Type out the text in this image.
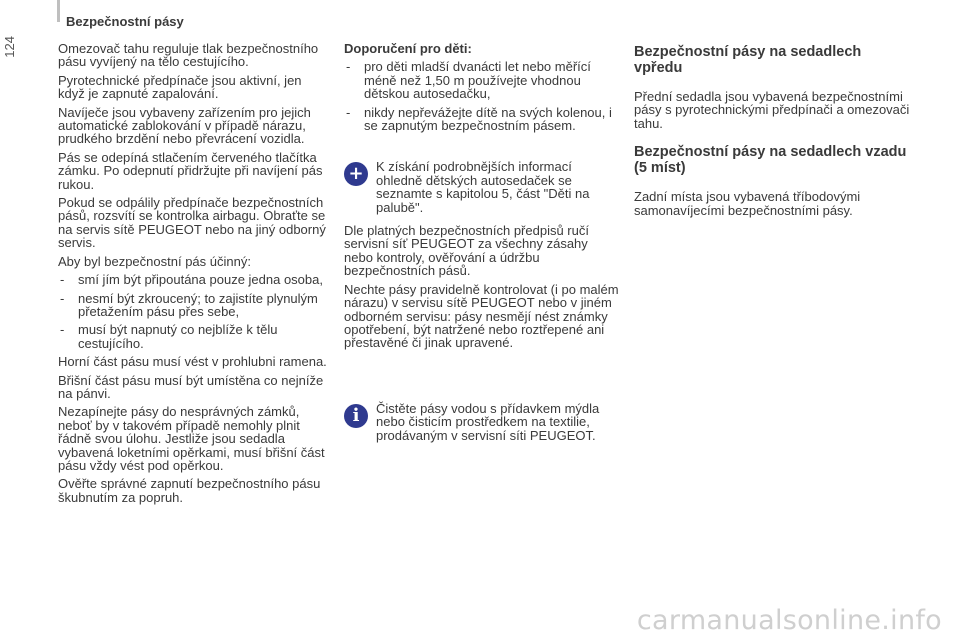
124
Bezpečnostní pásy

Omezovač tahu reguluje tlak bezpečnostního pásu vyvíjený na tělo cestujícího.

Pyrotechnické předpínače jsou aktivní, jen když je zapnuté zapalování.

Navíječe jsou vybaveny zařízením pro jejich automatické zablokování v případě nárazu, prudkého brzdění nebo převrácení vozidla.

Pás se odepíná stlačením červeného tlačítka zámku. Po odepnutí přidržujte při navíjení pás rukou.

Pokud se odpálily předpínače bezpečnostních pásů, rozsvítí se kontrolka airbagu. Obraťte se na servis sítě PEUGEOT nebo na jiný odborný servis.

Aby byl bezpečnostní pás účinný:

- smí jím být připoutána pouze jedna osoba,
- nesmí být zkroucený; to zajistíte plynulým přetažením pásu přes sebe,
- musí být napnutý co nejblíže k tělu cestujícího.

Horní část pásu musí vést v prohlubni ramena.

Břišní část pásu musí být umístěna co nejníže na pánvi.

Nezapínejte pásy do nesprávných zámků, neboť by v takovém případě nemohly plnit řádně svou úlohu. Jestliže jsou sedadla vybavená loketními opěrkami, musí břišní část pásu vždy vést pod opěrkou.

Ověřte správné zapnutí bezpečnostního pásu škubnutím za popruh.

Doporučení pro děti:

- pro děti mladší dvanácti let nebo měřící méně než 1,50 m používejte vhodnou dětskou autosedačku,
- nikdy nepřevážejte dítě na svých kolenou, i se zapnutým bezpečnostním pásem.
+ K získání podrobnějších informací ohledně dětských autosedaček se seznamte s kapitolou 5, část "Děti na palubě".

Dle platných bezpečnostních předpisů ručí servisní síť PEUGEOT za všechny zásahy nebo kontroly, ověřování a údržbu bezpečnostních pásů.

Nechte pásy pravidelně kontrolovat (i po malém nárazu) v servisu sítě PEUGEOT nebo v jiném odborném servisu: pásy nesmějí nést známky opotřebení, být natržené nebo roztřepené ani přestavěné či jinak upravené.

i	Čistěte pásy vodou s přídavkem mýdla nebo čisticím prostředkem na textilie, prodávaným v servisní síti PEUGEOT.
Bezpečnostní pásy na sedadlech vpředu

Přední sedadla jsou vybavená bezpečnostními pásy s pyrotechnickými předpínači a omezovači tahu.

Bezpečnostní pásy na sedadlech vzadu (5 míst)

Zadní místa jsou vybavená tříbodovými samonavíjecími bezpečnostními pásy.

carmanualsonline.info
